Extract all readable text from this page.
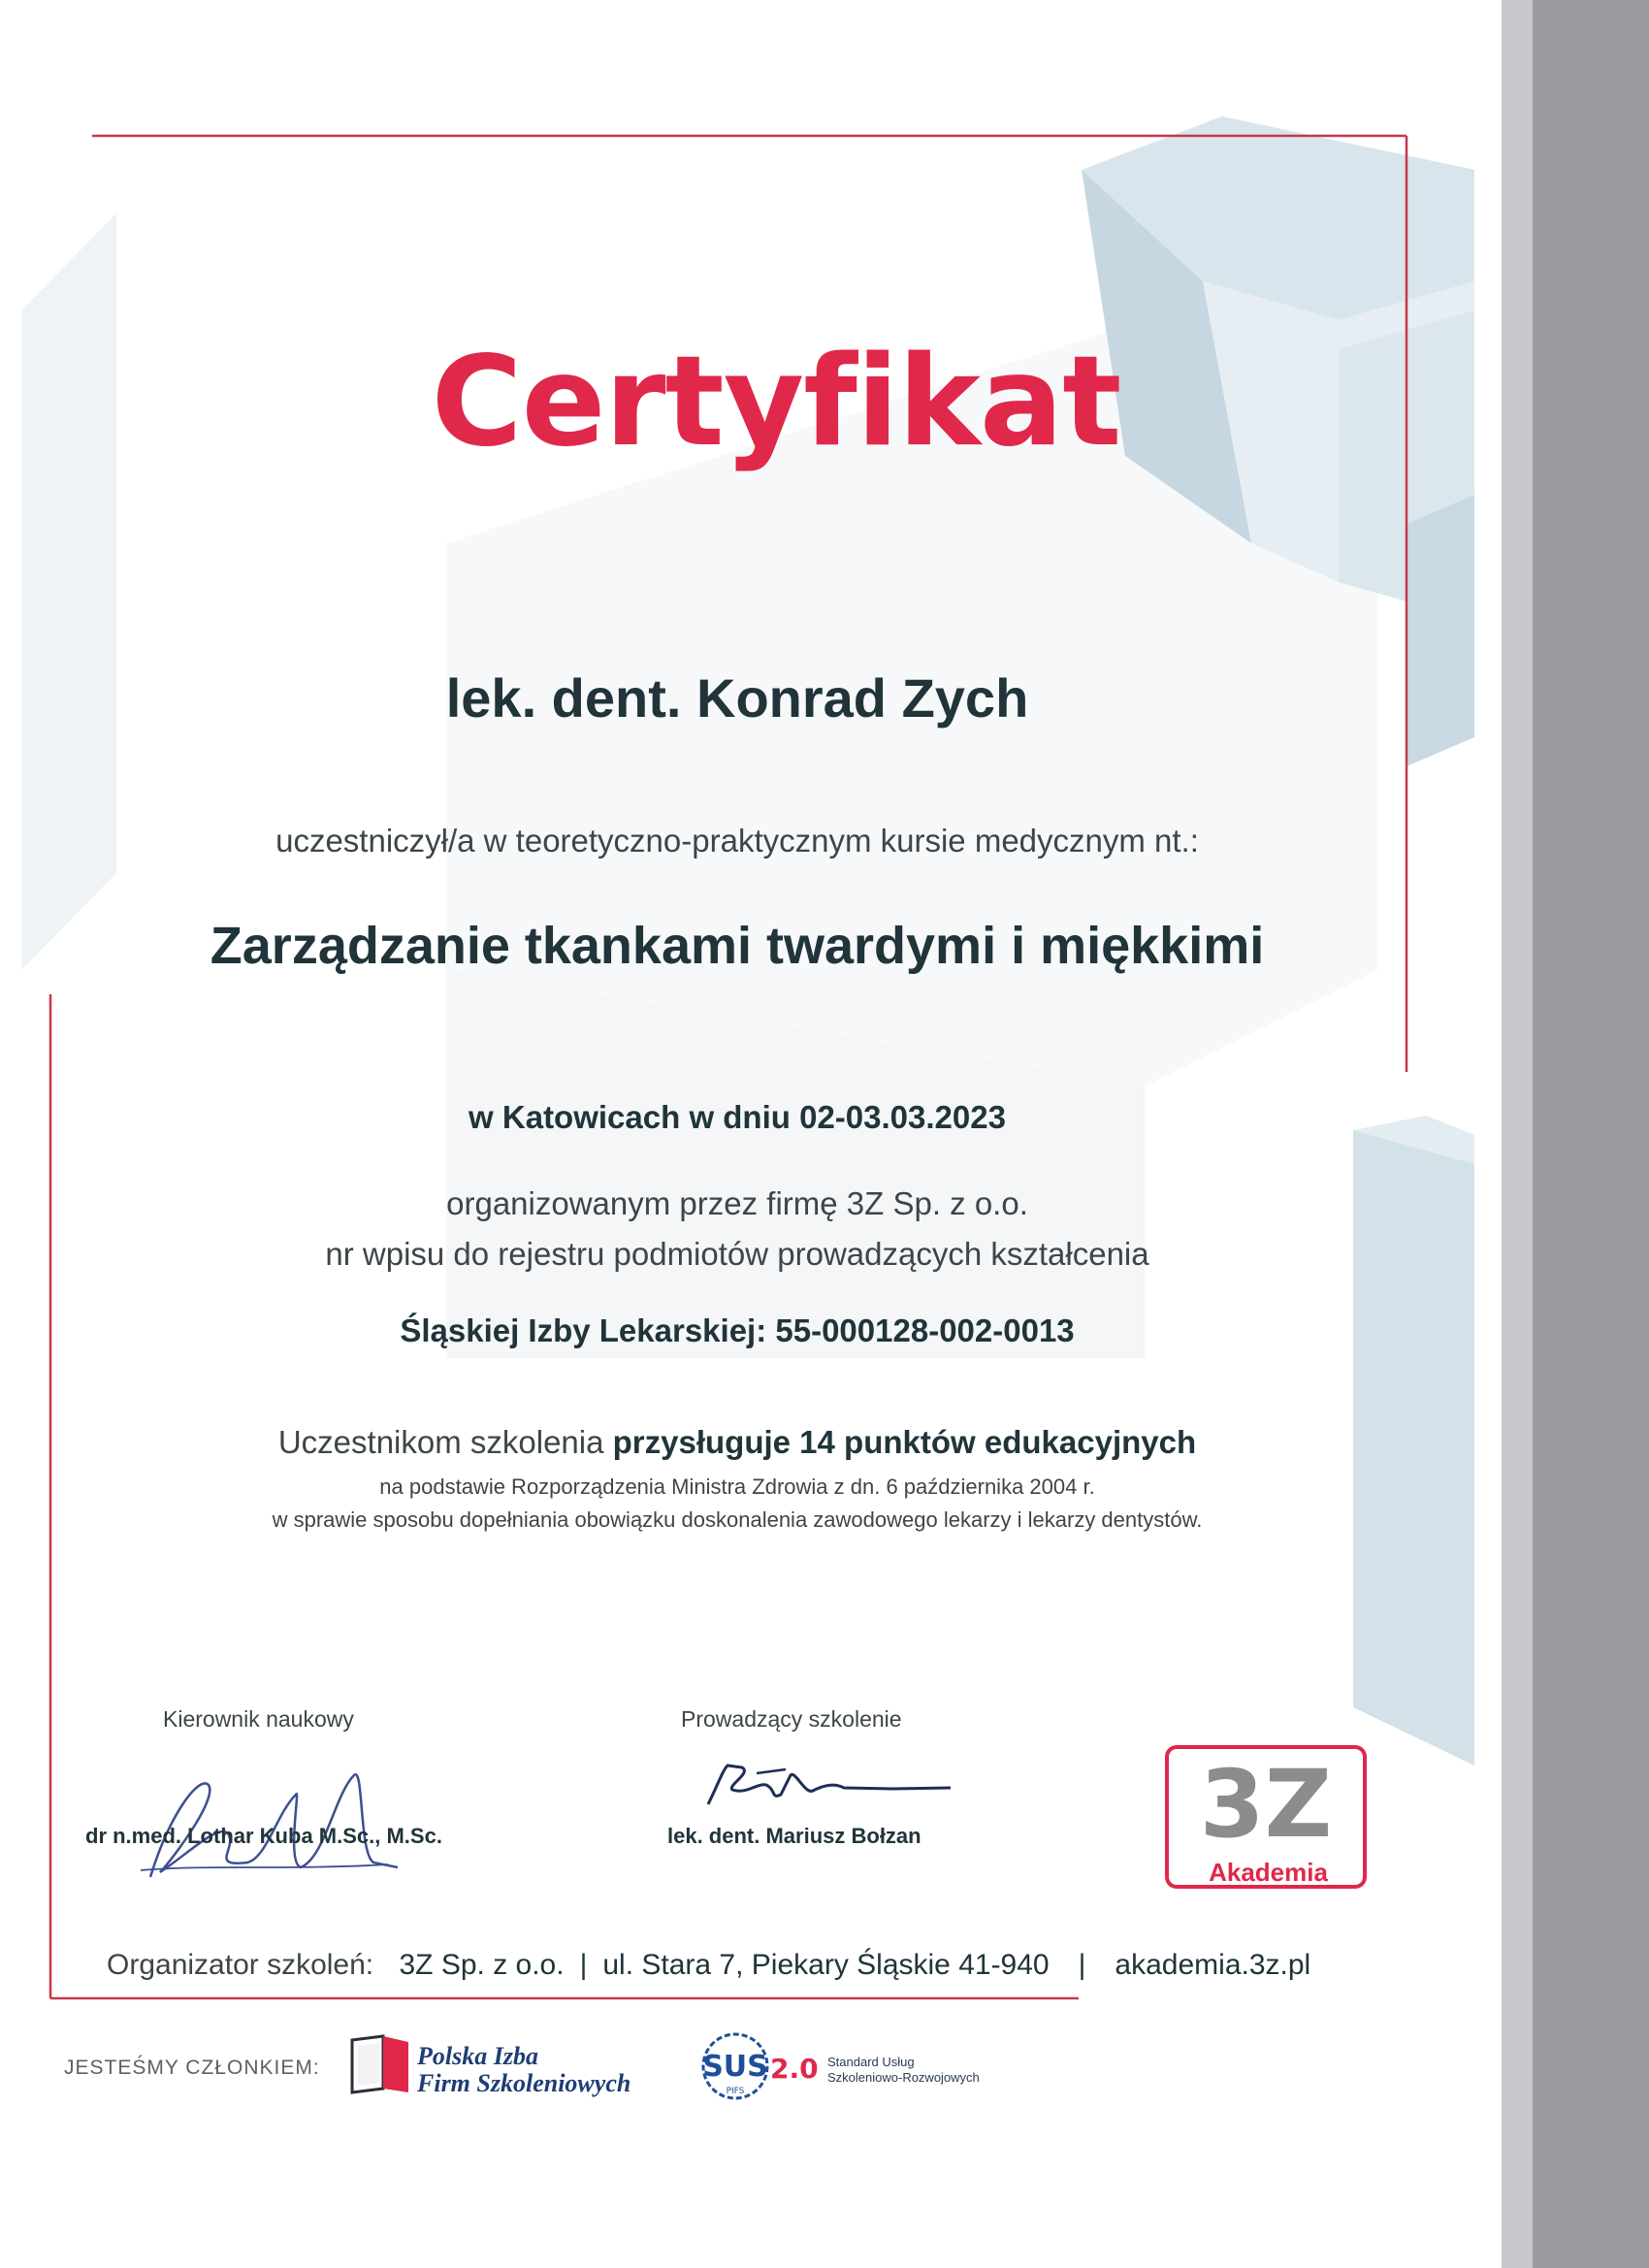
Certyfikat
lek. dent. Konrad Zych
uczestniczył/a w teoretyczno-praktycznym kursie medycznym nt.:
Zarządzanie tkankami twardymi i miękkimi
w Katowicach w dniu 02-03.03.2023
organizowanym przez firmę 3Z Sp. z o.o.
nr wpisu do rejestru podmiotów prowadzących kształcenia
Śląskiej Izby Lekarskiej: 55-000128-002-0013
Uczestnikom szkolenia przysługuje 14 punktów edukacyjnych
na podstawie Rozporządzenia Ministra Zdrowia z dn. 6 października 2004 r.
w sprawie sposobu dopełniania obowiązku doskonalenia zawodowego lekarzy i lekarzy dentystów.
Kierownik naukowy
dr n.med. Lothar Kuba M.Sc., M.Sc.
Prowadzący szkolenie
lek. dent. Mariusz Bołzan	3Z
Akademia
Organizator szkoleń: 3Z Sp. z o.o. | ul. Stara 7, Piekary Śląskie 41-940 | akademia.3z.pl
JESTEŚMY CZŁONKIEM:	Polska Izba
Firm Szkoleniowych SUS
PIFS
2.0 Standard Usług
Szkoleniowo-Rozwojowych
